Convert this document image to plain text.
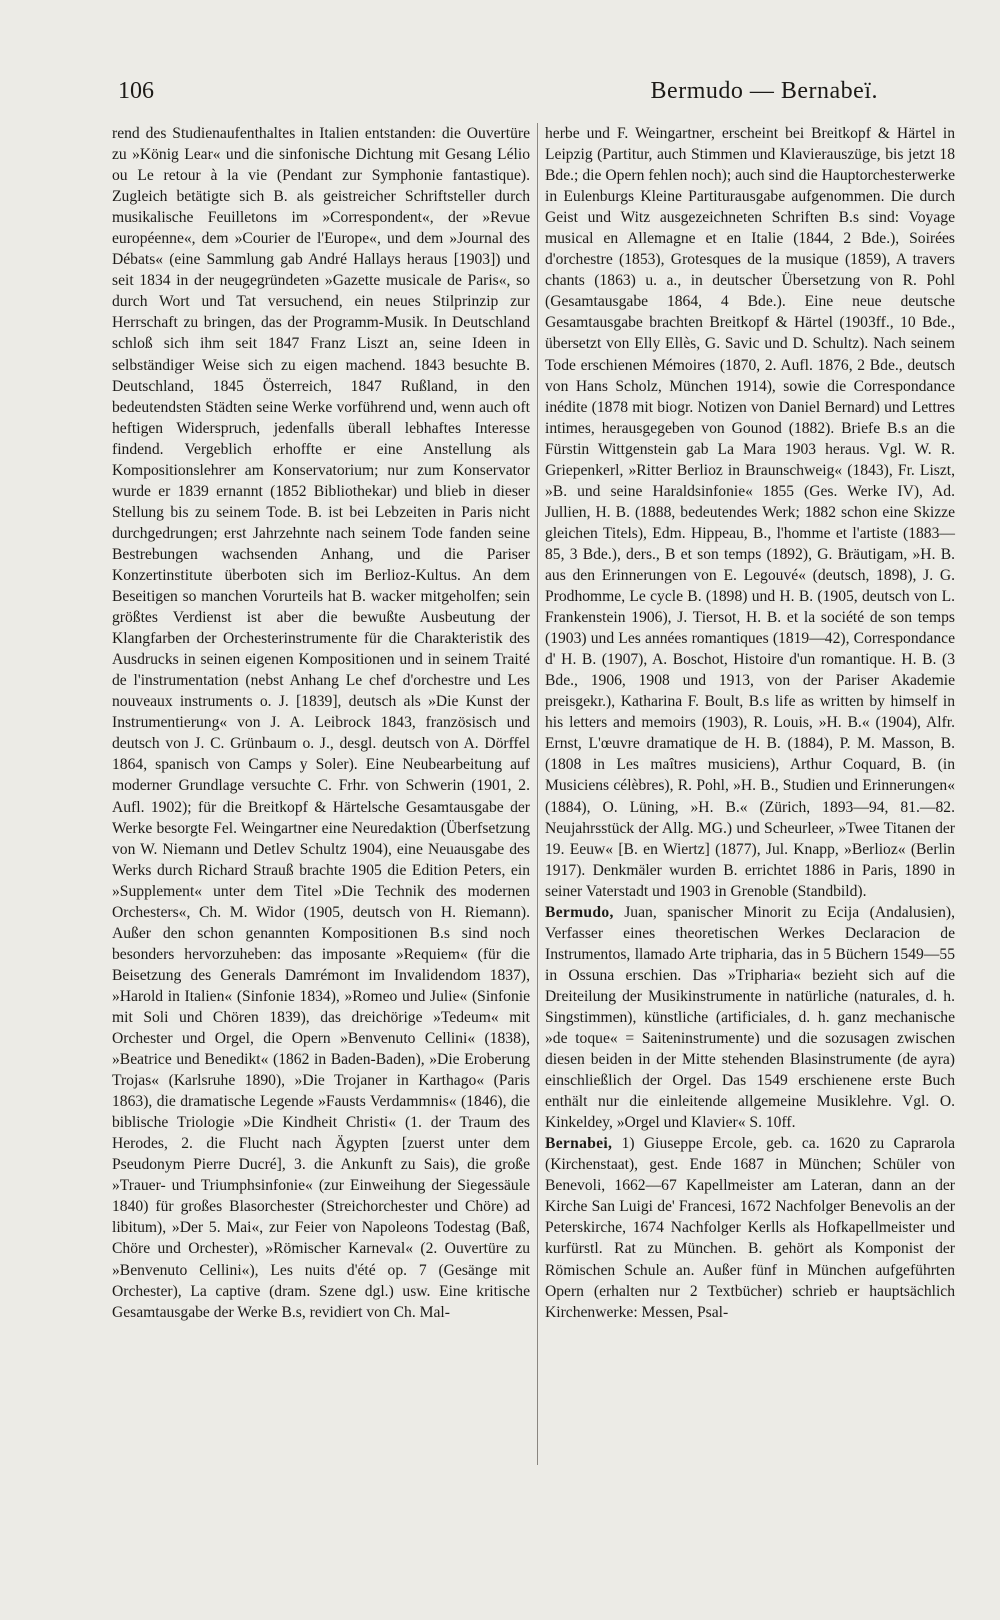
106	Bermudo — Bernabeï.

rend des Studienaufenthaltes in Italien entstanden: die Ouvertüre zu »König Lear« und die sinfonische Dichtung mit Gesang Lélio ou Le retour à la vie (Pendant zur Symphonie fantastique). Zugleich betätigte sich B. als geistreicher Schriftsteller durch musikalische Feuilletons im »Correspondent«, der »Revue européenne«, dem »Courier de l'Europe«, und dem »Journal des Débats« (eine Sammlung gab André Hallays heraus [1903]) und seit 1834 in der neugegründeten »Gazette musicale de Paris«, so durch Wort und Tat versuchend, ein neues Stilprinzip zur Herrschaft zu bringen, das der Programm-Musik. In Deutschland schloß sich ihm seit 1847 Franz Liszt an, seine Ideen in selbständiger Weise sich zu eigen machend. 1843 besuchte B. Deutschland, 1845 Österreich, 1847 Rußland, in den bedeutendsten Städten seine Werke vorführend und, wenn auch oft heftigen Widerspruch, jedenfalls überall lebhaftes Interesse findend. Vergeblich erhoffte er eine Anstellung als Kompositionslehrer am Konservatorium; nur zum Konservator wurde er 1839 ernannt (1852 Bibliothekar) und blieb in dieser Stellung bis zu seinem Tode. B. ist bei Lebzeiten in Paris nicht durchgedrungen; erst Jahrzehnte nach seinem Tode fanden seine Bestrebungen wachsenden Anhang, und die Pariser Konzertinstitute überboten sich im Berlioz-Kultus. An dem Beseitigen so manchen Vorurteils hat B. wacker mitgeholfen; sein größtes Verdienst ist aber die bewußte Ausbeutung der Klangfarben der Orchesterinstrumente für die Charakteristik des Ausdrucks in seinen eigenen Kompositionen und in seinem Traité de l'instrumentation (nebst Anhang Le chef d'orchestre und Les nouveaux instruments o. J. [1839], deutsch als »Die Kunst der Instrumentierung« von J. A. Leibrock 1843, französisch und deutsch von J. C. Grünbaum o. J., desgl. deutsch von A. Dörffel 1864, spanisch von Camps y Soler). Eine Neubearbeitung auf moderner Grundlage versuchte C. Frhr. von Schwerin (1901, 2. Aufl. 1902); für die Breitkopf & Härtelsche Gesamtausgabe der Werke besorgte Fel. Weingartner eine Neuredaktion (Überfsetzung von W. Niemann und Detlev Schultz 1904), eine Neuausgabe des Werks durch Richard Strauß brachte 1905 die Edition Peters, ein »Supplement« unter dem Titel »Die Technik des modernen Orchesters«, Ch. M. Widor (1905, deutsch von H. Riemann). Außer den schon genannten Kompositionen B.s sind noch besonders hervorzuheben: das imposante »Requiem« (für die Beisetzung des Generals Damrémont im Invalidendom 1837), »Harold in Italien« (Sinfonie 1834), »Romeo und Julie« (Sinfonie mit Soli und Chören 1839), das dreichörige »Tedeum« mit Orchester und Orgel, die Opern »Benvenuto Cellini« (1838), »Beatrice und Benedikt« (1862 in Baden-Baden), »Die Eroberung Trojas« (Karlsruhe 1890), »Die Trojaner in Karthago« (Paris 1863), die dramatische Legende »Fausts Verdammnis« (1846), die biblische Triologie »Die Kindheit Christi« (1. der Traum des Herodes, 2. die Flucht nach Ägypten [zuerst unter dem Pseudonym Pierre Ducré], 3. die Ankunft zu Sais), die große »Trauer- und Triumphsinfonie« (zur Einweihung der Siegessäule 1840) für großes Blasorchester (Streichorchester und Chöre) ad libitum), »Der 5. Mai«, zur Feier von Napoleons Todestag (Baß, Chöre und Orchester), »Römischer Karneval« (2. Ouvertüre zu »Benvenuto Cellini«), Les nuits d'été op. 7 (Gesänge mit Orchester), La captive (dram. Szene dgl.) usw. Eine kritische Gesamtausgabe der Werke B.s, revidiert von Ch. Mal-

herbe und F. Weingartner, erscheint bei Breitkopf & Härtel in Leipzig (Partitur, auch Stimmen und Klavierauszüge, bis jetzt 18 Bde.; die Opern fehlen noch); auch sind die Hauptorchesterwerke in Eulenburgs Kleine Partiturausgabe aufgenommen. Die durch Geist und Witz ausgezeichneten Schriften B.s sind: Voyage musical en Allemagne et en Italie (1844, 2 Bde.), Soirées d'orchestre (1853), Grotesques de la musique (1859), A travers chants (1863) u. a., in deutscher Übersetzung von R. Pohl (Gesamtausgabe 1864, 4 Bde.). Eine neue deutsche Gesamtausgabe brachten Breitkopf & Härtel (1903ff., 10 Bde., übersetzt von Elly Ellès, G. Savic und D. Schultz). Nach seinem Tode erschienen Mémoires (1870, 2. Aufl. 1876, 2 Bde., deutsch von Hans Scholz, München 1914), sowie die Correspondance inédite (1878 mit biogr. Notizen von Daniel Bernard) und Lettres intimes, herausgegeben von Gounod (1882). Briefe B.s an die Fürstin Wittgenstein gab La Mara 1903 heraus. Vgl. W. R. Griepenkerl, »Ritter Berlioz in Braunschweig« (1843), Fr. Liszt, »B. und seine Haraldsinfonie« 1855 (Ges. Werke IV), Ad. Jullien, H. B. (1888, bedeutendes Werk; 1882 schon eine Skizze gleichen Titels), Edm. Hippeau, B., l'homme et l'artiste (1883—85, 3 Bde.), ders., B et son temps (1892), G. Bräutigam, »H. B. aus den Erinnerungen von E. Legouvé« (deutsch, 1898), J. G. Prodhomme, Le cycle B. (1898) und H. B. (1905, deutsch von L. Frankenstein 1906), J. Tiersot, H. B. et la société de son temps (1903) und Les années romantiques (1819—42), Correspondance d' H. B. (1907), A. Boschot, Histoire d'un romantique. H. B. (3 Bde., 1906, 1908 und 1913, von der Pariser Akademie preisgekr.), Katharina F. Boult, B.s life as written by himself in his letters and memoirs (1903), R. Louis, »H. B.« (1904), Alfr. Ernst, L'œuvre dramatique de H. B. (1884), P. M. Masson, B. (1808 in Les maîtres musiciens), Arthur Coquard, B. (in Musiciens célèbres), R. Pohl, »H. B., Studien und Erinnerungen« (1884), O. Lüning, »H. B.« (Zürich, 1893—94, 81.—82. Neujahrsstück der Allg. MG.) und Scheurleer, »Twee Titanen der 19. Eeuw« [B. en Wiertz] (1877), Jul. Knapp, »Berlioz« (Berlin 1917). Denkmäler wurden B. errichtet 1886 in Paris, 1890 in seiner Vaterstadt und 1903 in Grenoble (Standbild).

Bermudo, Juan, spanischer Minorit zu Ecija (Andalusien), Verfasser eines theoretischen Werkes Declaracion de Instrumentos, llamado Arte tripharia, das in 5 Büchern 1549—55 in Ossuna erschien. Das »Tripharia« bezieht sich auf die Dreiteilung der Musikinstrumente in natürliche (naturales, d. h. Singstimmen), künstliche (artificiales, d. h. ganz mechanische »de toque« = Saiteninstrumente) und die sozusagen zwischen diesen beiden in der Mitte stehenden Blasinstrumente (de ayra) einschließlich der Orgel. Das 1549 erschienene erste Buch enthält nur die einleitende allgemeine Musiklehre. Vgl. O. Kinkeldey, »Orgel und Klavier« S. 10ff.

Bernabei, 1) Giuseppe Ercole, geb. ca. 1620 zu Caprarola (Kirchenstaat), gest. Ende 1687 in München; Schüler von Benevoli, 1662—67 Kapellmeister am Lateran, dann an der Kirche San Luigi de' Francesi, 1672 Nachfolger Benevolis an der Peterskirche, 1674 Nachfolger Kerlls als Hofkapellmeister und kurfürstl. Rat zu München. B. gehört als Komponist der Römischen Schule an. Außer fünf in München aufgeführten Opern (erhalten nur 2 Textbücher) schrieb er hauptsächlich Kirchenwerke: Messen, Psal-
